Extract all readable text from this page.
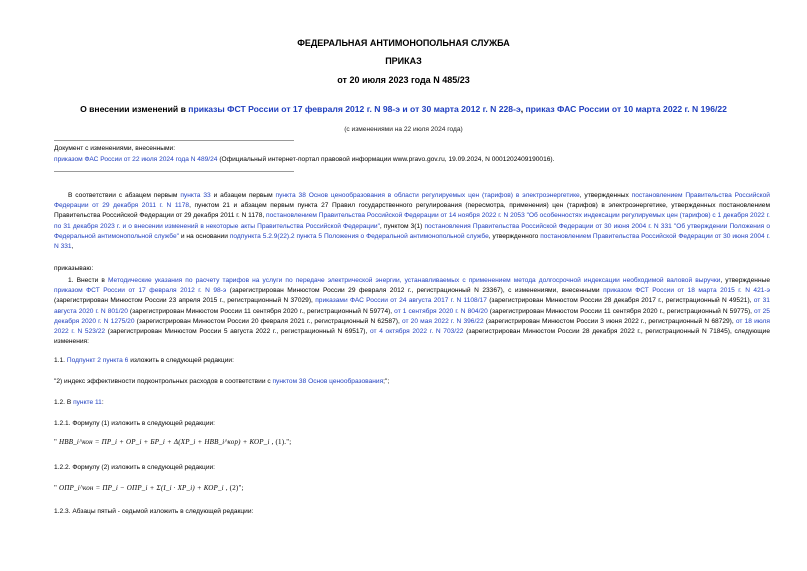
ФЕДЕРАЛЬНАЯ АНТИМОНОПОЛЬНАЯ СЛУЖБА
ПРИКАЗ
от 20 июля 2023 года N 485/23
О внесении изменений в приказы ФСТ России от 17 февраля 2012 г. N 98-э и от 30 марта 2012 г. N 228-э, приказ ФАС России от 10 марта 2022 г. N 196/22
(с изменениями на 22 июля 2024 года)
Документ с изменениями, внесенными:
приказом ФАС России от 22 июля 2024 года N 489/24 (Официальный интернет-портал правовой информации www.pravo.gov.ru, 19.09.2024, N 0001202409190016).
В соответствии с абзацем первым пункта 33 и абзацем первым пункта 38 Основ ценообразования в области регулируемых цен (тарифов) в электроэнергетике, утвержденных постановлением Правительства Российской Федерации от 29 декабря 2011 г. N 1178, пунктом 21 и абзацем первым пункта 27 Правил государственного регулирования (пересмотра, применения) цен (тарифов) в электроэнергетике, утвержденных постановлением Правительства Российской Федерации от 29 декабря 2011 г. N 1178, постановлением Правительства Российской Федерации от 14 ноября 2022 г. N 2053 "Об особенностях индексации регулируемых цен (тарифов) с 1 декабря 2022 г. по 31 декабря 2023 г. и о внесении изменений в некоторые акты Правительства Российской Федерации", пунктом 3(1) постановления Правительства Российской Федерации от 30 июня 2004 г. N 331 "Об утверждении Положения о Федеральной антимонопольной службе" и на основании подпункта 5.2.9(22).2 пункта 5 Положения о Федеральной антимонопольной службе, утвержденного постановлением Правительства Российской Федерации от 30 июня 2004 г. N 331,
приказываю:
1. Внести в Методические указания по расчету тарифов на услуги по передаче электрической энергии, устанавливаемых с применением метода долгосрочной индексации необходимой валовой выручки, утвержденные приказом ФСТ России от 17 февраля 2012 г. N 98-э (зарегистрирован Минюстом России 29 февраля 2012 г., регистрационный N 23367), с изменениями, внесенными приказом ФСТ России от 18 марта 2015 г. N 421-э (зарегистрирован Минюстом России 23 апреля 2015 г., регистрационный N 37029), приказами ФАС России от 24 августа 2017 г. N 1108/17 (зарегистрирован Минюстом России 28 декабря 2017 г., регистрационный N 49521), от 31 августа 2020 г. N 801/20 (зарегистрирован Минюстом России 11 сентября 2020 г., регистрационный N 59774), от 1 сентября 2020 г. N 804/20 (зарегистрирован Минюстом России 11 сентября 2020 г., регистрационный N 59775), от 25 декабря 2020 г. N 1275/20 (зарегистрирован Минюстом России 20 февраля 2021 г., регистрационный N 62587), от 20 мая 2022 г. N 396/22 (зарегистрирован Минюстом России 3 июня 2022 г., регистрационный N 68729), от 18 июля 2022 г. N 523/22 (зарегистрирован Минюстом России 5 августа 2022 г., регистрационный N 69517), от 4 октября 2022 г. N 703/22 (зарегистрирован Минюстом России 28 декабря 2022 г., регистрационный N 71845), следующие изменения:
1.1. Подпункт 2 пункта 6 изложить в следующей редакции:
"2) индекс эффективности подконтрольных расходов в соответствии с пунктом 38 Основ ценообразования;";
1.2. В пункте 11:
1.2.1. Формулу (1) изложить в следующей редакции:
" НВВ_i^кон = ПР_i + ОР_i + БР_i + Δ(ХР_i + НВВ_i^кор) + КОР_i , (1).";
1.2.2. Формулу (2) изложить в следующей редакции:
" ОПР_i^кон = ПР_i − ОПР_i + Σ(I_i · ХР_i) + КОР_i , (2)";
1.2.3. Абзацы пятый - седьмой изложить в следующей редакции:
